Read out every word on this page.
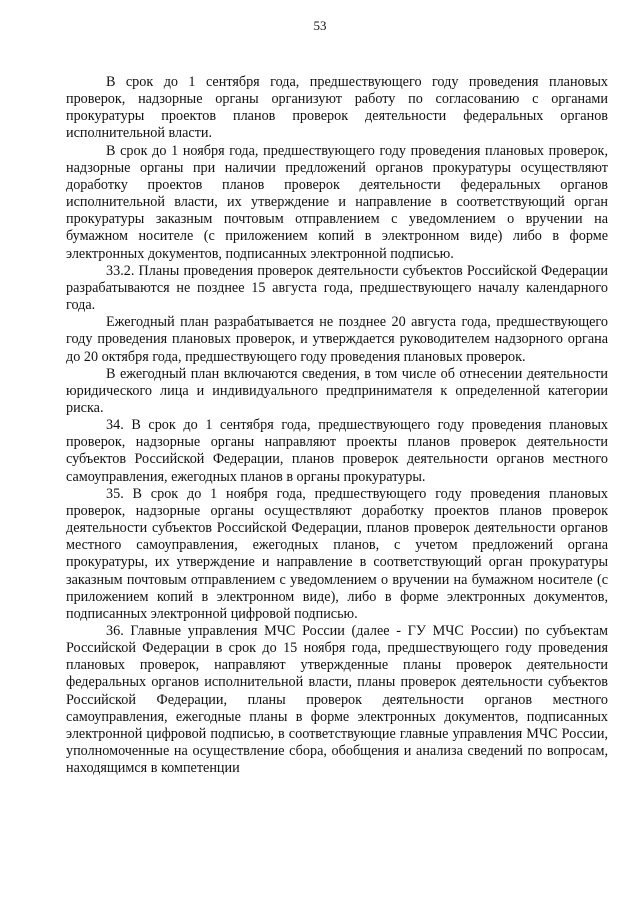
53

В срок до 1 сентября года, предшествующего году проведения плановых проверок, надзорные органы организуют работу по согласованию с органами прокуратуры проектов планов проверок деятельности федеральных органов исполнительной власти.

В срок до 1 ноября года, предшествующего году проведения плановых проверок, надзорные органы при наличии предложений органов прокуратуры осуществляют доработку проектов планов проверок деятельности федеральных органов исполнительной власти, их утверждение и направление в соответствующий орган прокуратуры заказным почтовым отправлением с уведомлением о вручении на бумажном носителе (с приложением копий в электронном виде) либо в форме электронных документов, подписанных электронной подписью.

33.2. Планы проведения проверок деятельности субъектов Российской Федерации разрабатываются не позднее 15 августа года, предшествующего началу календарного года.

Ежегодный план разрабатывается не позднее 20 августа года, предшествующего году проведения плановых проверок, и утверждается руководителем надзорного органа до 20 октября года, предшествующего году проведения плановых проверок.

В ежегодный план включаются сведения, в том числе об отнесении деятельности юридического лица и индивидуального предпринимателя к определенной категории риска.

34. В срок до 1 сентября года, предшествующего году проведения плановых проверок, надзорные органы направляют проекты планов проверок деятельности субъектов Российской Федерации, планов проверок деятельности органов местного самоуправления, ежегодных планов в органы прокуратуры.

35. В срок до 1 ноября года, предшествующего году проведения плановых проверок, надзорные органы осуществляют доработку проектов планов проверок деятельности субъектов Российской Федерации, планов проверок деятельности органов местного самоуправления, ежегодных планов, с учетом предложений органа прокуратуры, их утверждение и направление в соответствующий орган прокуратуры заказным почтовым отправлением с уведомлением о вручении на бумажном носителе (с приложением копий в электронном виде), либо в форме электронных документов, подписанных электронной цифровой подписью.

36. Главные управления МЧС России (далее - ГУ МЧС России) по субъектам Российской Федерации в срок до 15 ноября года, предшествующего году проведения плановых проверок, направляют утвержденные планы проверок деятельности федеральных органов исполнительной власти, планы проверок деятельности субъектов Российской Федерации, планы проверок деятельности органов местного самоуправления, ежегодные планы в форме электронных документов, подписанных электронной цифровой подписью, в соответствующие главные управления МЧС России, уполномоченные на осуществление сбора, обобщения и анализа сведений по вопросам, находящимся в компетенции
